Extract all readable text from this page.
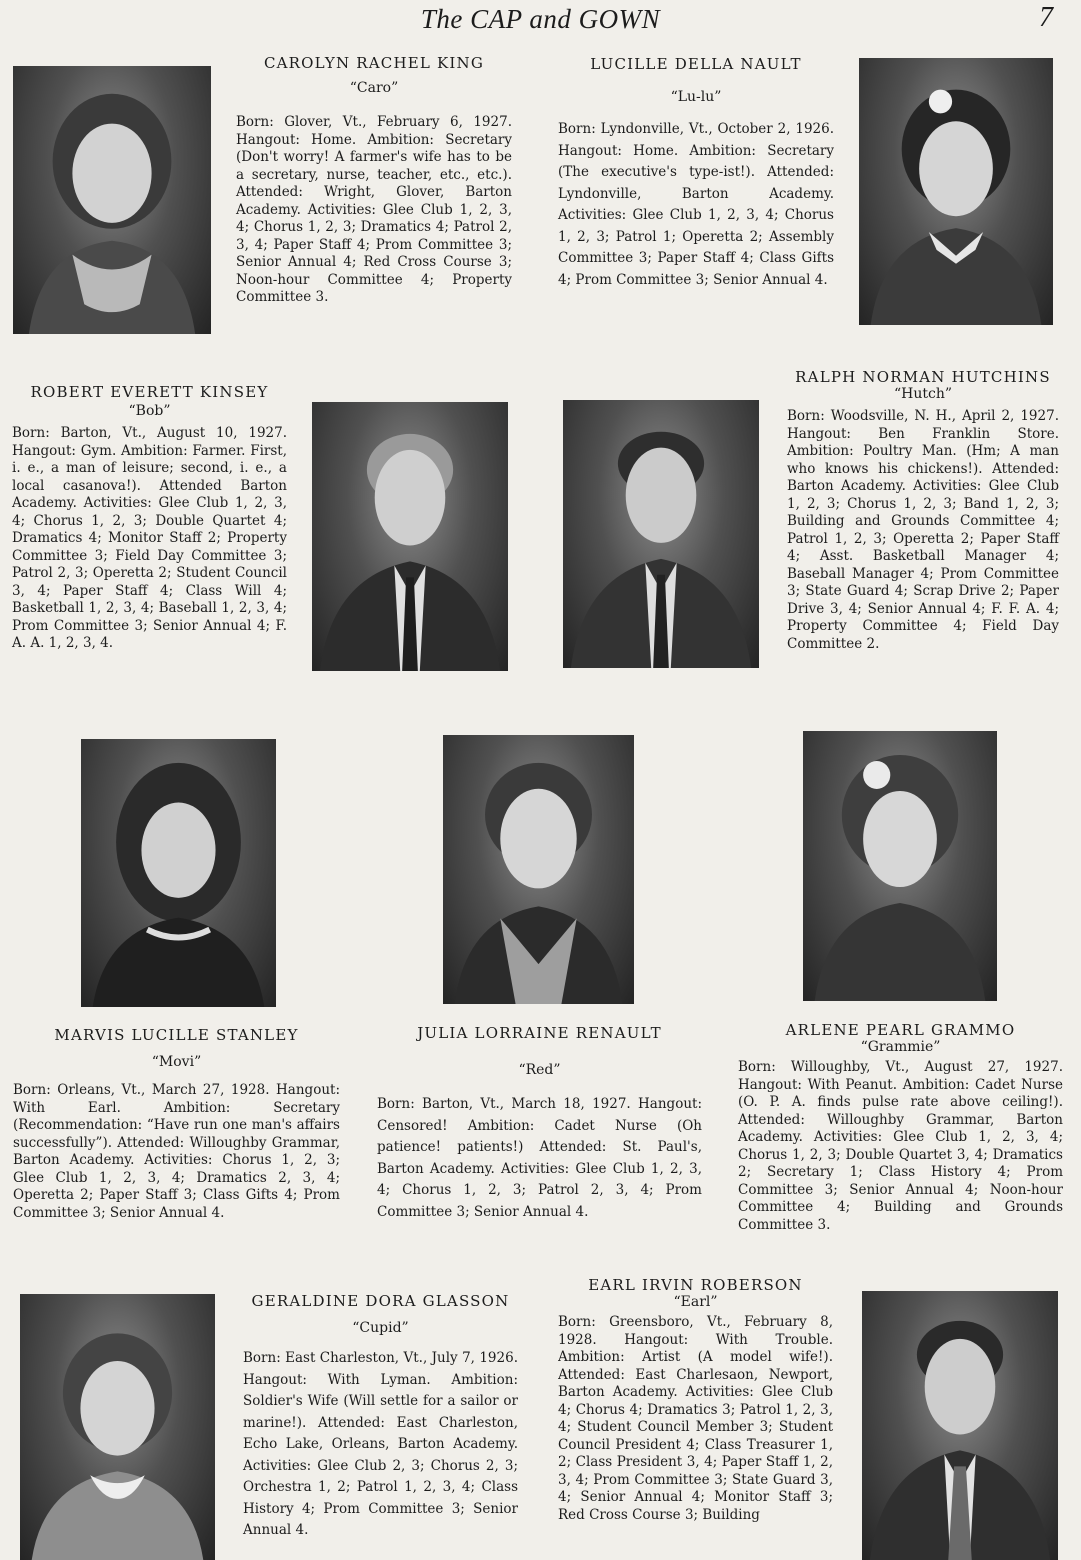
The CAP and GOWN	7
CAROLYN RACHEL KING
“Caro”
Born: Glover, Vt., February 6, 1927. Hangout: Home. Ambition: Secretary (Don't worry! A farmer's wife has to be a secretary, nurse, teacher, etc., etc.). Attended: Wright, Glover, Barton Academy. Activities: Glee Club 1, 2, 3, 4; Chorus 1, 2, 3; Dramatics 4; Patrol 2, 3, 4; Paper Staff 4; Prom Committee 3; Senior Annual 4; Red Cross Course 3; Noon-hour Committee 4; Property Committee 3.
LUCILLE DELLA NAULT
“Lu-lu”
Born: Lyndonville, Vt., October 2, 1926. Hangout: Home. Ambition: Secretary (The executive's type-ist!). Attended: Lyndonville, Barton Academy. Activities: Glee Club 1, 2, 3, 4; Chorus 1, 2, 3; Patrol 1; Operetta 2; Assembly Committee 3; Paper Staff 4; Class Gifts 4; Prom Committee 3; Senior Annual 4.
ROBERT EVERETT KINSEY
“Bob”
Born: Barton, Vt., August 10, 1927. Hangout: Gym. Ambition: Farmer. First, i. e., a man of leisure; second, i. e., a local casanova!). Attended Barton Academy. Activities: Glee Club 1, 2, 3, 4; Chorus 1, 2, 3; Double Quartet 4; Dramatics 4; Monitor Staff 2; Property Committee 3; Field Day Committee 3; Patrol 2, 3; Operetta 2; Student Council 3, 4; Paper Staff 4; Class Will 4; Basketball 1, 2, 3, 4; Baseball 1, 2, 3, 4; Prom Committee 3; Senior Annual 4; F. A. A. 1, 2, 3, 4.
RALPH NORMAN HUTCHINS
“Hutch”
Born: Woodsville, N. H., April 2, 1927. Hangout: Ben Franklin Store. Ambition: Poultry Man. (Hm; A man who knows his chickens!). Attended: Barton Academy. Activities: Glee Club 1, 2, 3; Chorus 1, 2, 3; Band 1, 2, 3; Building and Grounds Committee 4; Patrol 1, 2, 3; Operetta 2; Paper Staff 4; Asst. Basketball Manager 4; Baseball Manager 4; Prom Committee 3; State Guard 4; Scrap Drive 2; Paper Drive 3, 4; Senior Annual 4; F. F. A. 4; Property Committee 4; Field Day Committee 2.
MARVIS LUCILLE STANLEY
“Movi”
Born: Orleans, Vt., March 27, 1928. Hangout: With Earl. Ambition: Secretary (Recommendation: “Have run one man's affairs successfully”). Attended: Willoughby Grammar, Barton Academy. Activities: Chorus 1, 2, 3; Glee Club 1, 2, 3, 4; Dramatics 2, 3, 4; Operetta 2; Paper Staff 3; Class Gifts 4; Prom Committee 3; Senior Annual 4.
JULIA LORRAINE RENAULT
“Red”
Born: Barton, Vt., March 18, 1927. Hangout: Censored! Ambition: Cadet Nurse (Oh patience! patients!) Attended: St. Paul's, Barton Academy. Activities: Glee Club 1, 2, 3, 4; Chorus 1, 2, 3; Patrol 2, 3, 4; Prom Committee 3; Senior Annual 4.
ARLENE PEARL GRAMMO
“Grammie”
Born: Willoughby, Vt., August 27, 1927. Hangout: With Peanut. Ambition: Cadet Nurse (O. P. A. finds pulse rate above ceiling!). Attended: Willoughby Grammar, Barton Academy. Activities: Glee Club 1, 2, 3, 4; Chorus 1, 2, 3; Double Quartet 3, 4; Dramatics 2; Secretary 1; Class History 4; Prom Committee 3; Senior Annual 4; Noon-hour Committee 4; Building and Grounds Committee 3.
GERALDINE DORA GLASSON
“Cupid”
Born: East Charleston, Vt., July 7, 1926. Hangout: With Lyman. Ambition: Soldier's Wife (Will settle for a sailor or marine!). Attended: East Charleston, Echo Lake, Orleans, Barton Academy. Activities: Glee Club 2, 3; Chorus 2, 3; Orchestra 1, 2; Patrol 1, 2, 3, 4; Class History 4; Prom Committee 3; Senior Annual 4.
EARL IRVIN ROBERSON
“Earl”
Born: Greensboro, Vt., February 8, 1928. Hangout: With Trouble. Ambition: Artist (A model wife!). Attended: East Charlesaon, Newport, Barton Academy. Activities: Glee Club 4; Chorus 4; Dramatics 3; Patrol 1, 2, 3, 4; Student Council Member 3; Student Council President 4; Class Treasurer 1, 2; Class President 3, 4; Paper Staff 1, 2, 3, 4; Prom Committee 3; State Guard 3, 4; Senior Annual 4; Monitor Staff 3; Red Cross Course 3; Building
